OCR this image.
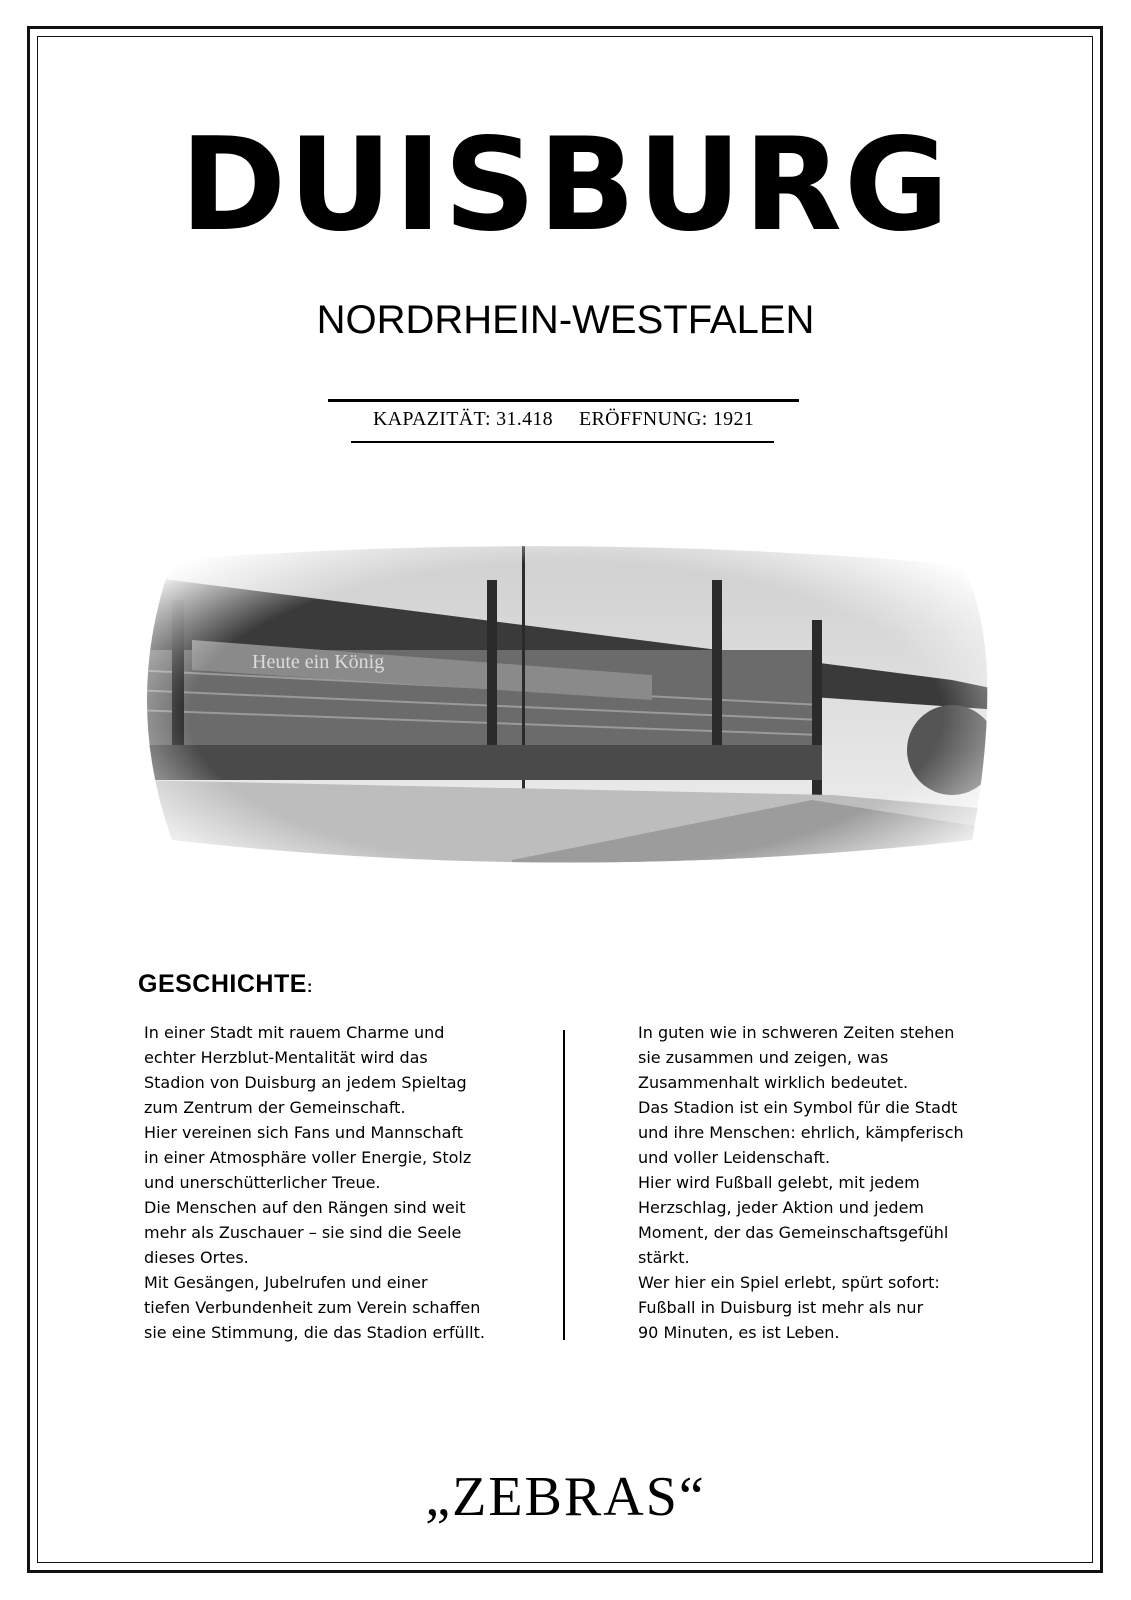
DUISBURG
NORDRHEIN-WESTFALEN
KAPAZITÄT: 31.418 ERÖFFNUNG: 1921
GESCHICHTE:

In einer Stadt mit rauem Charme und

echter Herzblut-Mentalität wird das

Stadion von Duisburg an jedem Spieltag

zum Zentrum der Gemeinschaft.

Hier vereinen sich Fans und Mannschaft

in einer Atmosphäre voller Energie, Stolz

und unerschütterlicher Treue.

Die Menschen auf den Rängen sind weit

mehr als Zuschauer – sie sind die Seele

dieses Ortes.

Mit Gesängen, Jubelrufen und einer

tiefen Verbundenheit zum Verein schaffen

sie eine Stimmung, die das Stadion erfüllt.

In guten wie in schweren Zeiten stehen

sie zusammen und zeigen, was

Zusammenhalt wirklich bedeutet.

Das Stadion ist ein Symbol für die Stadt

und ihre Menschen: ehrlich, kämpferisch

und voller Leidenschaft.

Hier wird Fußball gelebt, mit jedem

Herzschlag, jeder Aktion und jedem

Moment, der das Gemeinschaftsgefühl

stärkt.

Wer hier ein Spiel erlebt, spürt sofort:

Fußball in Duisburg ist mehr als nur

90 Minuten, es ist Leben.

„ZEBRAS“
